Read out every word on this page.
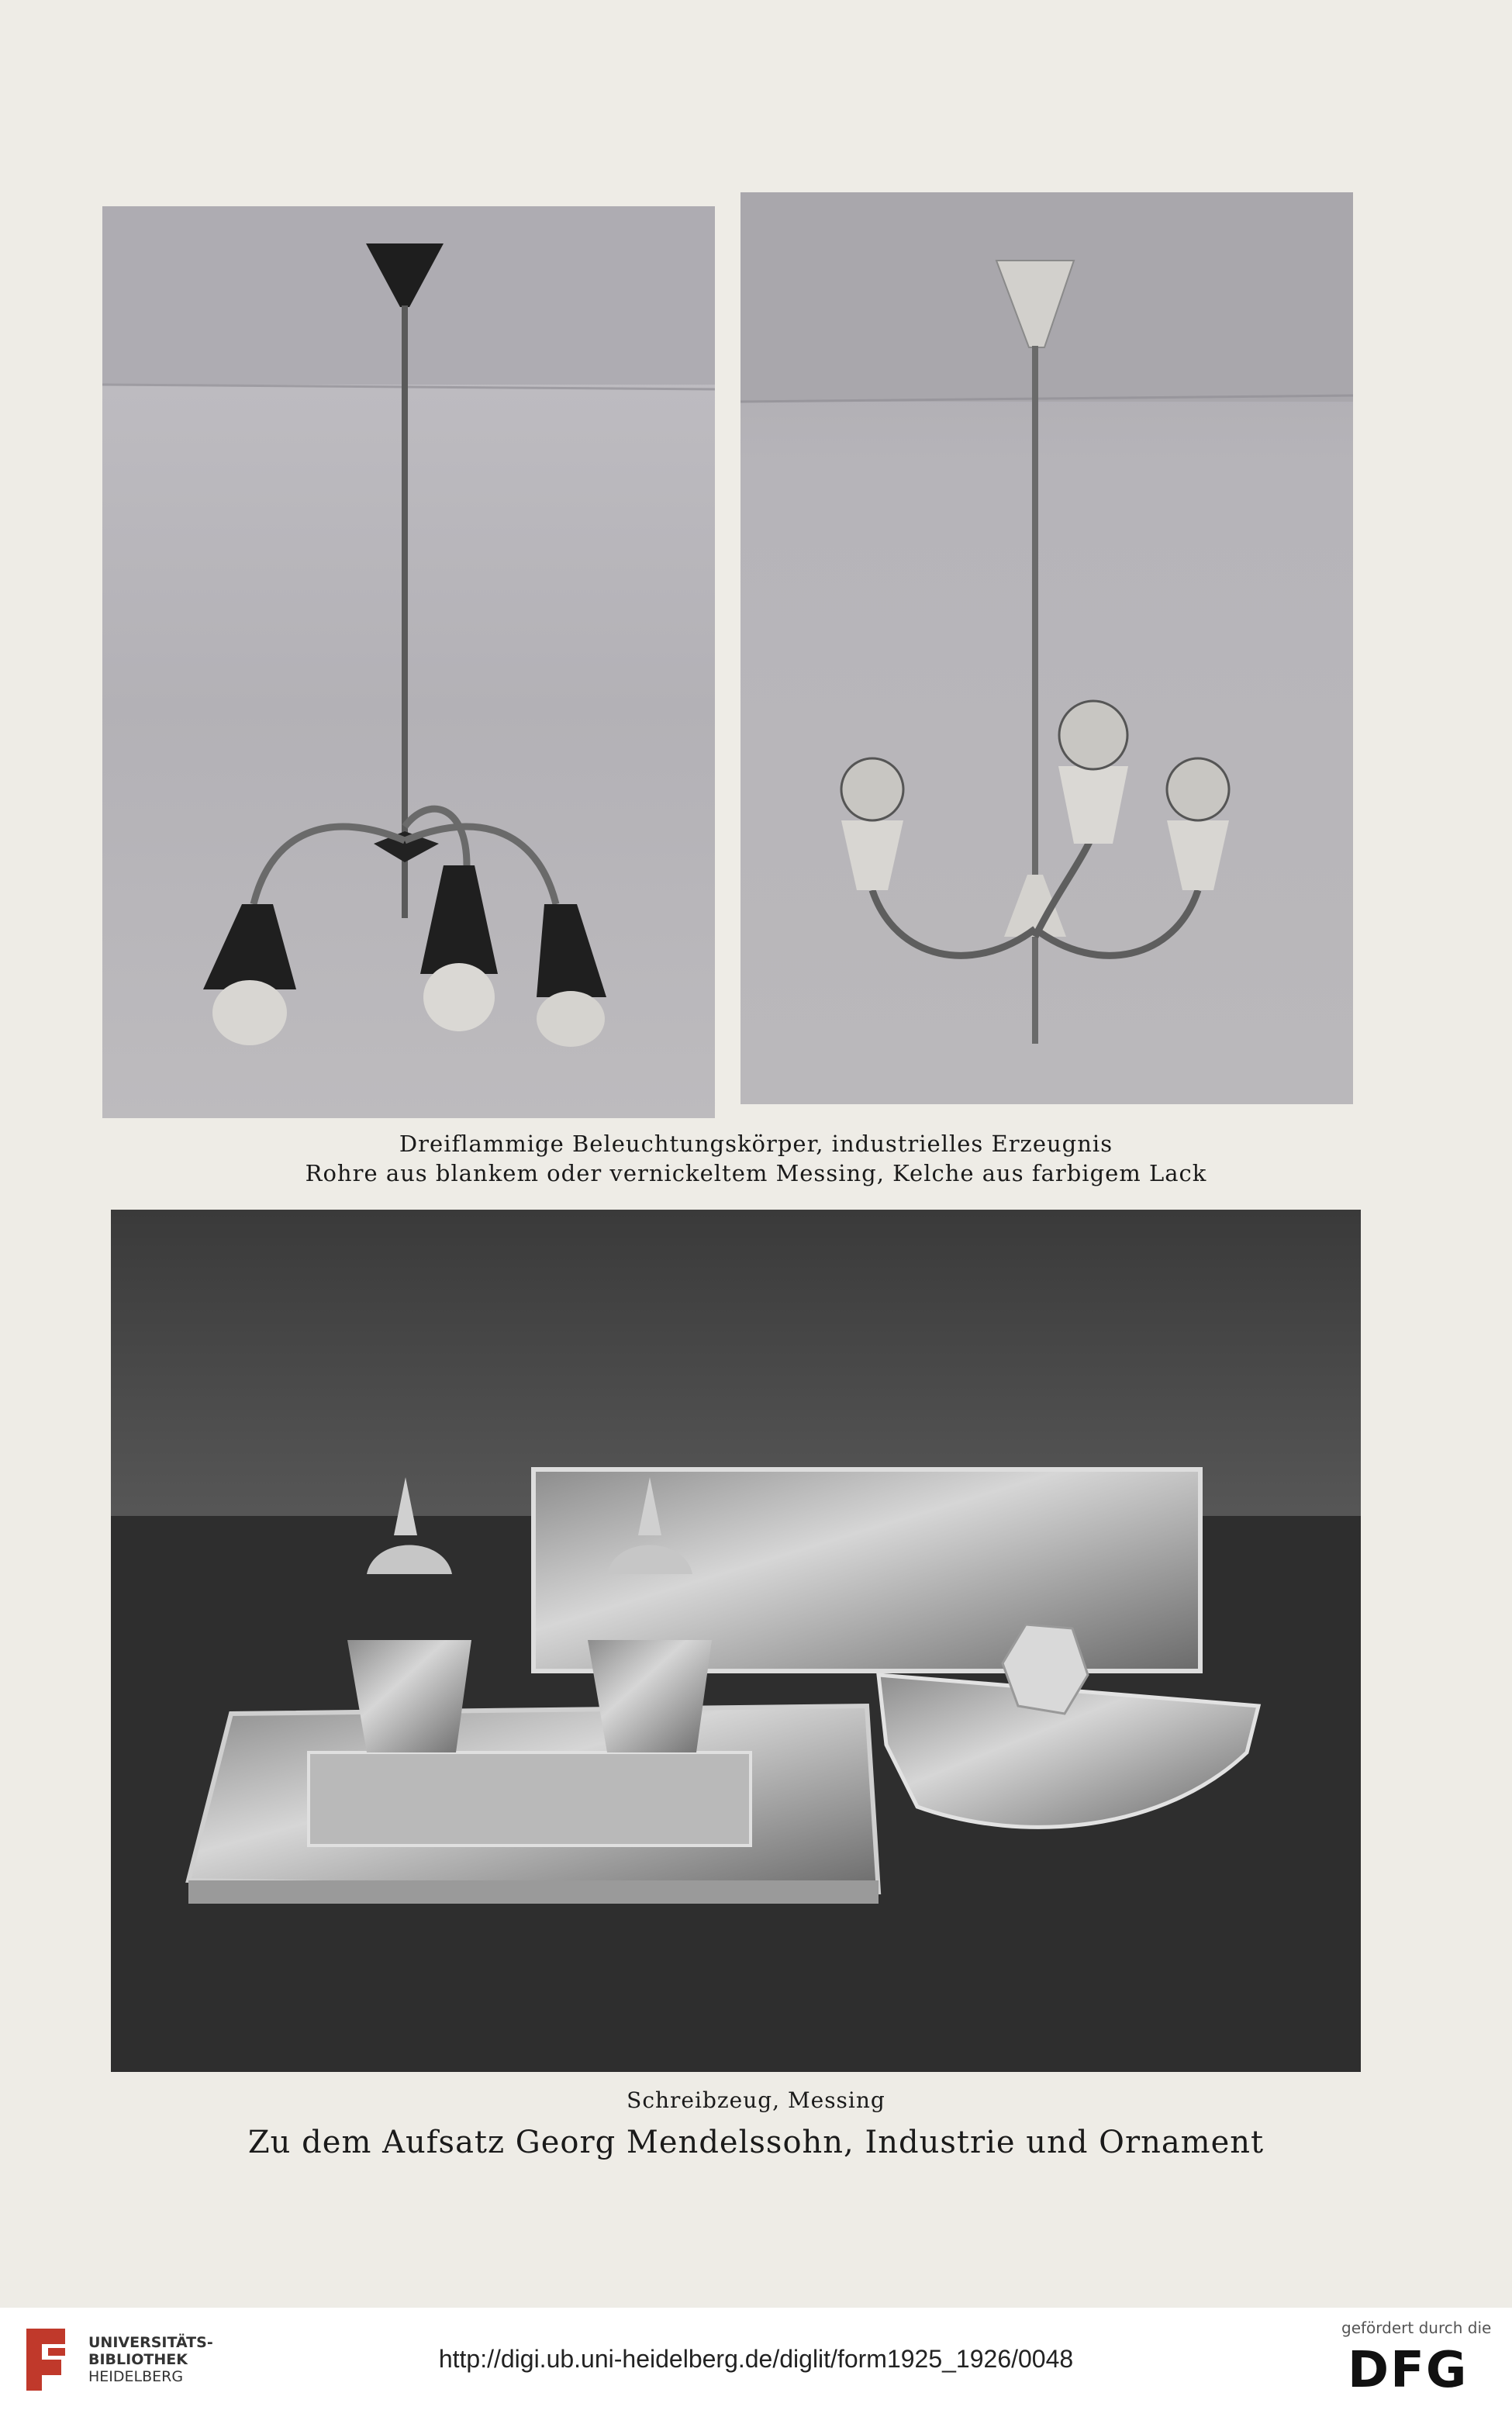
Dreiflammige Beleuchtungskörper, industrielles Erzeugnis
Rohre aus blankem oder vernickeltem Messing, Kelche aus farbigem Lack
Schreibzeug, Messing
Zu dem Aufsatz Georg Mendelssohn, Industrie und Ornament
UNIVERSITÄTS-
BIBLIOTHEK
HEIDELBERG
http://digi.ub.uni-heidelberg.de/diglit/form1925_1926/0048
gefördert durch die
DFG
